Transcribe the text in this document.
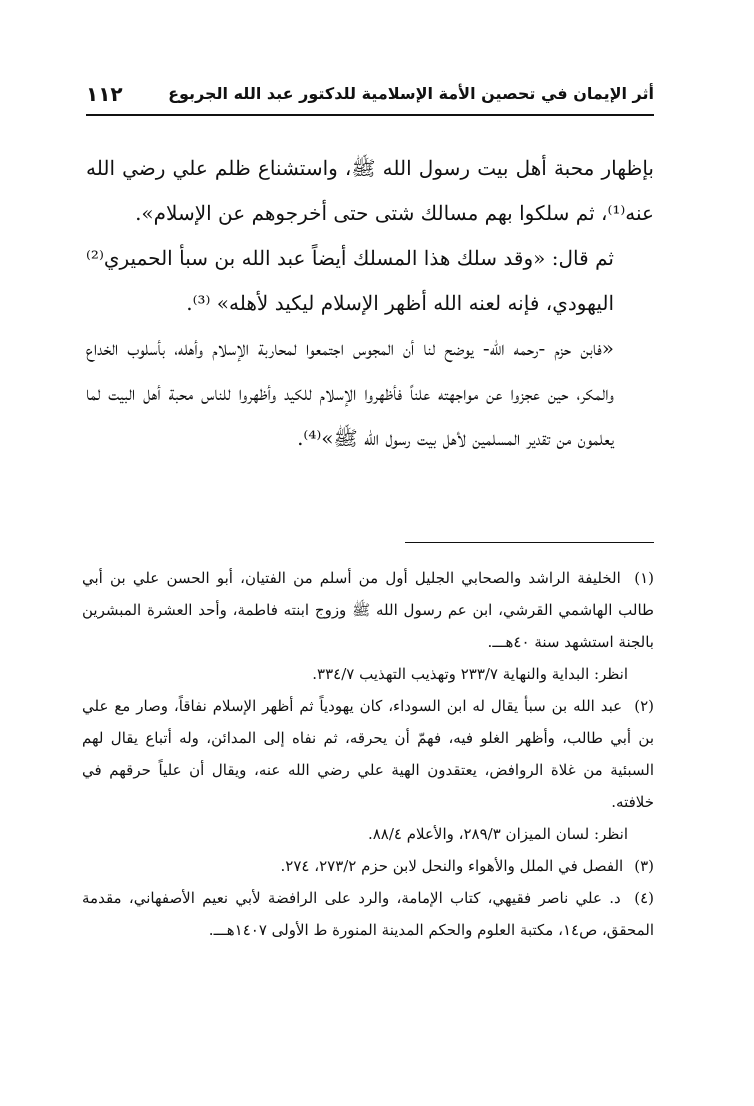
١١٢	أثر الإيمان في تحصين الأمة الإسلامية للدكتور عبد الله الجربوع

بإظهار محبة أهل بيت رسول الله ﷺ، واستشناع ظلم علي رضي الله عنه⁽¹⁾، ثم سلكوا بهم مسالك شتى حتى أخرجوهم عن الإسلام».

ثم قال: «وقد سلك هذا المسلك أيضاً عبد الله بن سبأ الحميري⁽²⁾ اليهودي، فإنه لعنه الله أظهر الإسلام ليكيد لأهله» ⁽³⁾.

«فابن حزم -رحمه الله- يوضح لنا أن المجوس اجتمعوا لمحاربة الإسلام وأهله، بأسلوب الخداع والمكر، حين عجزوا عن مواجهته علناً فأظهروا الإسلام للكيد وأظهروا للناس محبة أهل البيت لما يعلمون من تقدير المسلمين لأهل بيت رسول الله ﷺ»⁽⁴⁾.

(١) الخليفة الراشد والصحابي الجليل أول من أسلم من الفتيان، أبو الحسن علي بن أبي طالب الهاشمي القرشي، ابن عم رسول الله ﷺ وزوج ابنته فاطمة، وأحد العشرة المبشرين بالجنة استشهد سنة ٤٠هـــ.

انظر: البداية والنهاية ٢٣٣/٧ وتهذيب التهذيب ٣٣٤/٧.

(٢) عبد الله بن سبأ يقال له ابن السوداء، كان يهودياً ثم أظهر الإسلام نفاقاً، وصار مع علي بن أبي طالب، وأظهر الغلو فيه، فهمّ أن يحرقه، ثم نفاه إلى المدائن، وله أتباع يقال لهم السبئية من غلاة الروافض، يعتقدون الهية علي رضي الله عنه، ويقال أن علياً حرقهم في خلافته.

انظر: لسان الميزان ٢٨٩/٣، والأعلام ٨٨/٤.

(٣) الفصل في الملل والأهواء والنحل لابن حزم ٢٧٣/٢، ٢٧٤.

(٤) د. علي ناصر فقيهي، كتاب الإمامة، والرد على الرافضة لأبي نعيم الأصفهاني، مقدمة المحقق، ص١٤، مكتبة العلوم والحكم المدينة المنورة ط الأولى ١٤٠٧هـــ.
